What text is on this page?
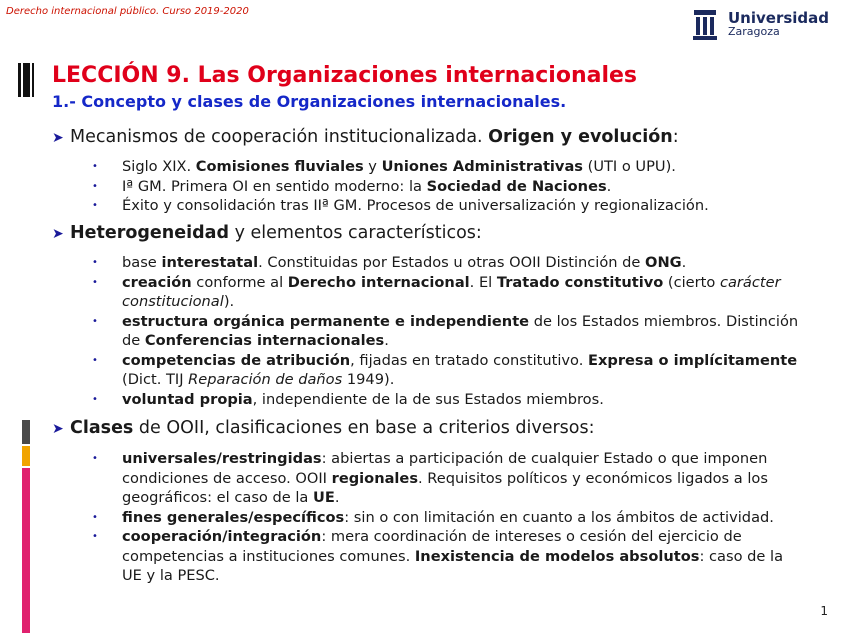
Derecho internacional público. Curso 2019-2020	Universidad
Zaragoza
LECCIÓN 9. Las Organizaciones internacionales
1.- Concepto y clases de Organizaciones internacionales.
➤ Mecanismos de cooperación institucionalizada. Origen y evolución:
• Siglo XIX. Comisiones fluviales y Uniones Administrativas (UTI o UPU).
• Iª GM. Primera OI en sentido moderno: la Sociedad de Naciones.
• Éxito y consolidación tras IIª GM. Procesos de universalización y regionalización.
➤ Heterogeneidad y elementos característicos:
• base interestatal. Constituidas por Estados u otras OOII Distinción de ONG.
• creación conforme al Derecho internacional. El Tratado constitutivo (cierto carácter constitucional).
• estructura orgánica permanente e independiente de los Estados miembros. Distinción de Conferencias internacionales.
• competencias de atribución, fijadas en tratado constitutivo. Expresa o implícitamente (Dict. TIJ Reparación de daños 1949).
• voluntad propia, independiente de la de sus Estados miembros.
➤ Clases de OOII, clasificaciones en base a criterios diversos:
• universales/restringidas: abiertas a participación de cualquier Estado o que imponen condiciones de acceso. OOII regionales. Requisitos políticos y económicos ligados a los geográficos: el caso de la UE.
• fines generales/específicos: sin o con limitación en cuanto a los ámbitos de actividad.
• cooperación/integración: mera coordinación de intereses o cesión del ejercicio de competencias a instituciones comunes. Inexistencia de modelos absolutos: caso de la UE y la PESC.
1
